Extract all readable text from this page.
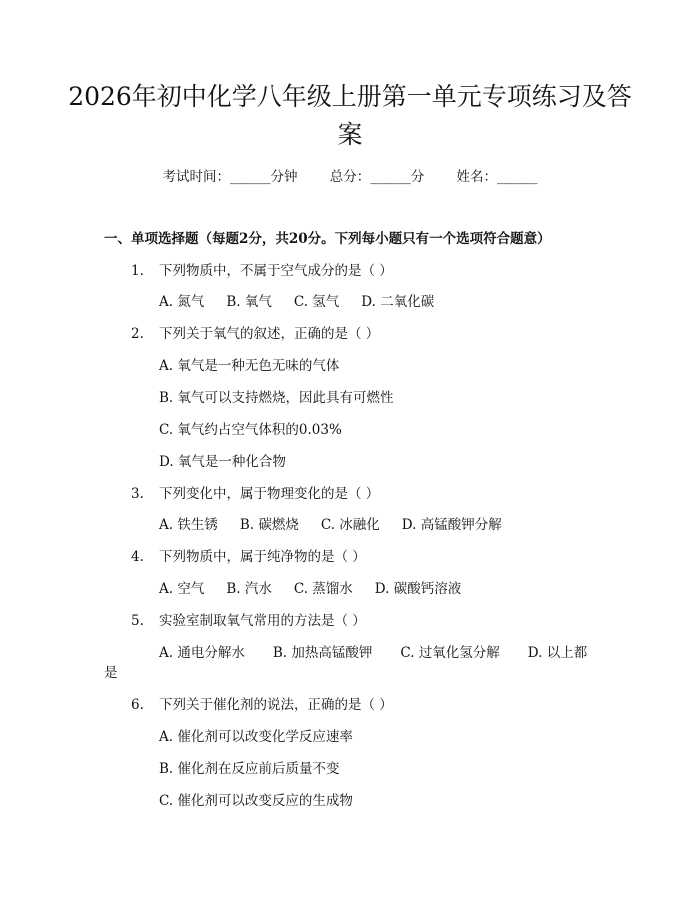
2026年初中化学八年级上册第一单元专项练习及答案
考试时间：______分钟 总分：______分 姓名：______
一、单项选择题（每题2分，共20分。下列每小题只有一个选项符合题意）
1. 下列物质中，不属于空气成分的是（ ）
A. 氮气 B. 氧气 C. 氢气 D. 二氧化碳
2. 下列关于氧气的叙述，正确的是（ ）
A. 氧气是一种无色无味的气体
B. 氧气可以支持燃烧，因此具有可燃性
C. 氧气约占空气体积的0.03%
D. 氧气是一种化合物
3. 下列变化中，属于物理变化的是（ ）
A. 铁生锈 B. 碳燃烧 C. 冰融化 D. 高锰酸钾分解
4. 下列物质中，属于纯净物的是（ ）
A. 空气 B. 汽水 C. 蒸馏水 D. 碳酸钙溶液
5. 实验室制取氧气常用的方法是（ ）
A. 通电分解水 B. 加热高锰酸钾 C. 过氧化氢分解 D. 以上都
是
6. 下列关于催化剂的说法，正确的是（ ）
A. 催化剂可以改变化学反应速率
B. 催化剂在反应前后质量不变
C. 催化剂可以改变反应的生成物
